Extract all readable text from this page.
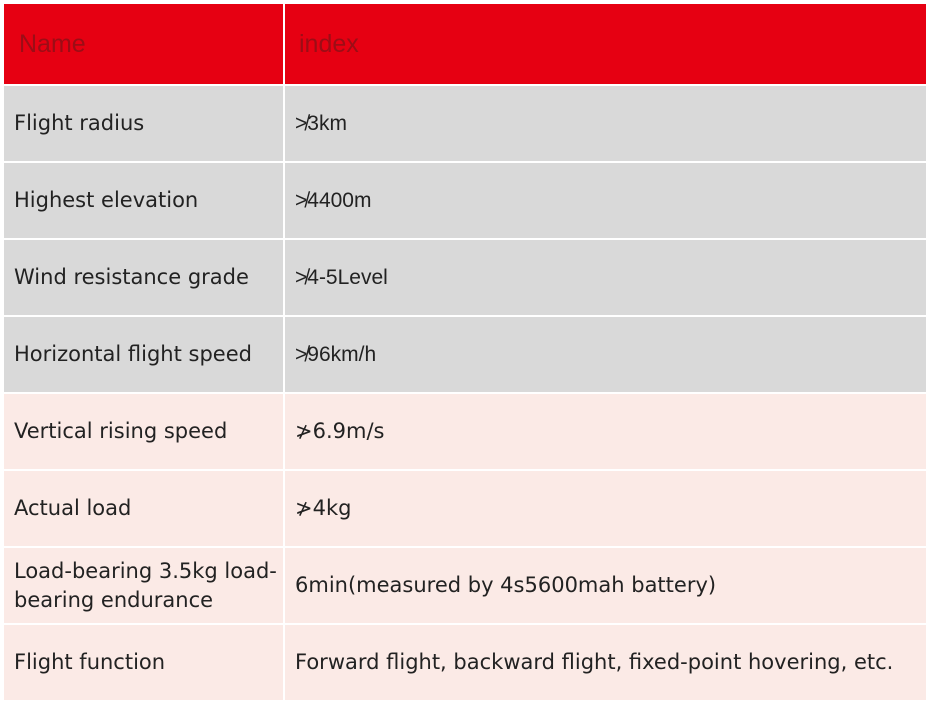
Name	index
Flight radius	≯3km
Highest elevation	≯4400m
Wind resistance grade	≯4-5Level
Horizontal flight speed	≯96km/h
Vertical rising speed	≯6.9m/s
Actual load	≯4kg
Load-bearing 3.5kg load-bearing endurance	6min(measured by 4s5600mah battery)
Flight function	Forward flight, backward flight, fixed-point hovering, etc.
